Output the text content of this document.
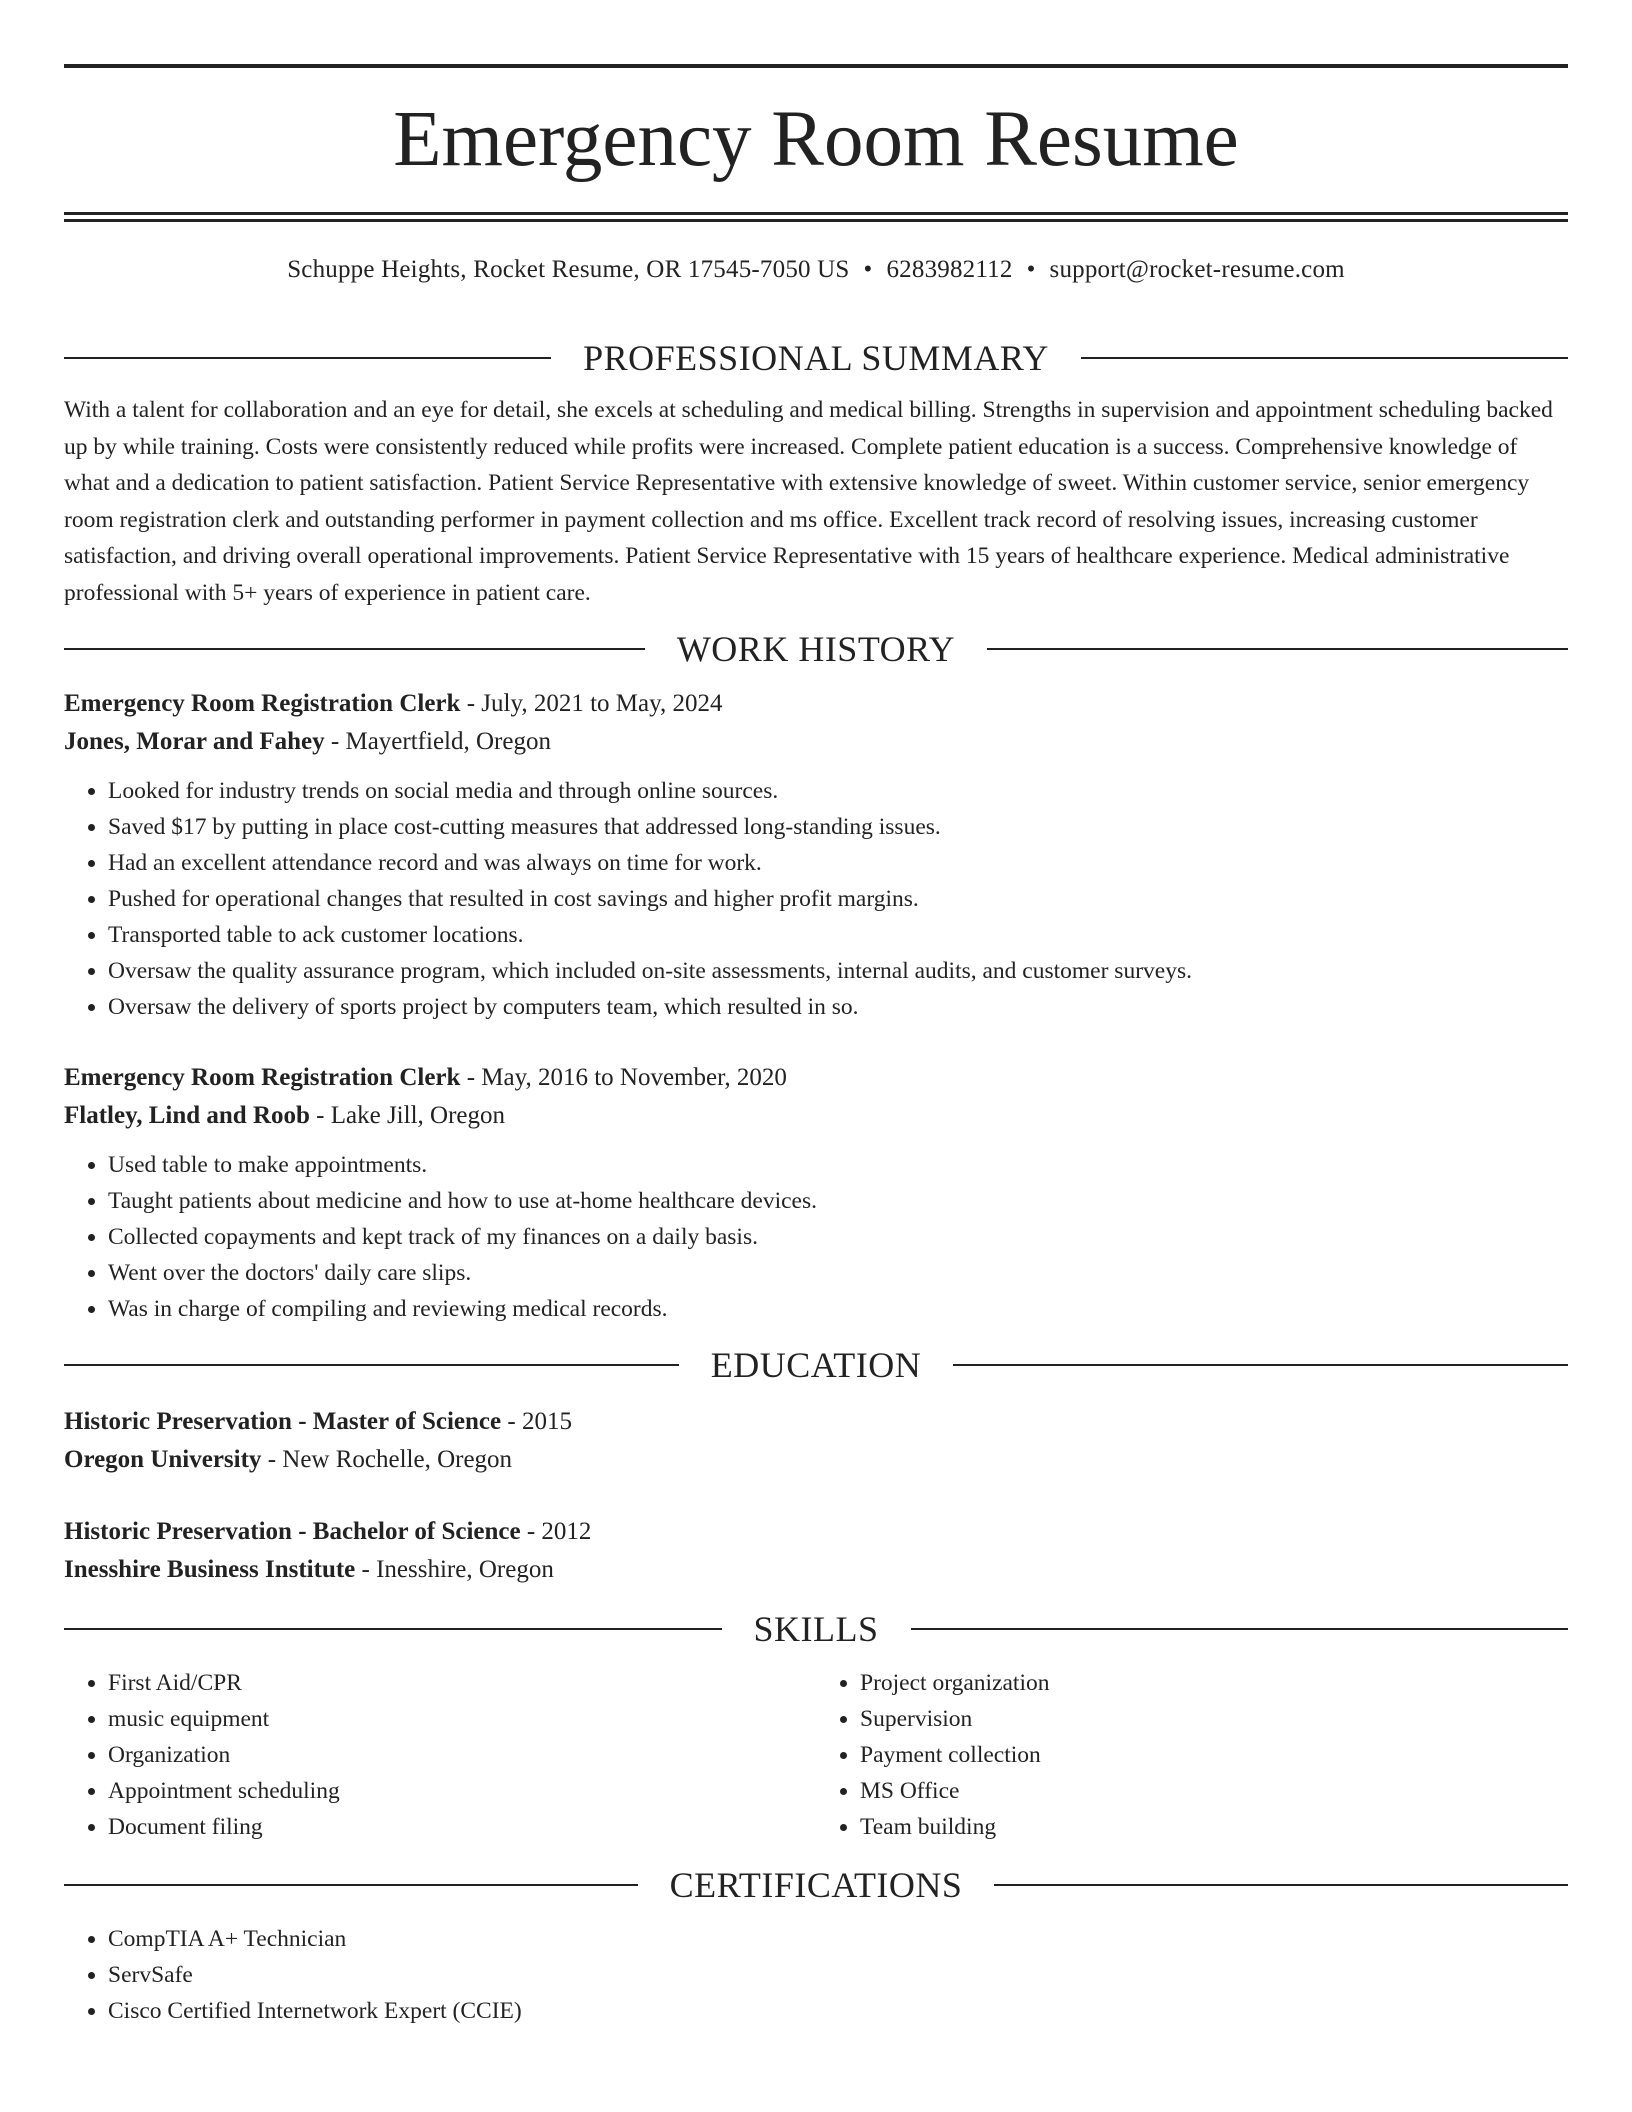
Emergency Room Resume
Schuppe Heights, Rocket Resume, OR 17545-7050 US • 6283982112 • support@rocket-resume.com
PROFESSIONAL SUMMARY

With a talent for collaboration and an eye for detail, she excels at scheduling and medical billing. Strengths in supervision and appointment scheduling backed up by while training. Costs were consistently reduced while profits were increased. Complete patient education is a success. Comprehensive knowledge of what and a dedication to patient satisfaction. Patient Service Representative with extensive knowledge of sweet. Within customer service, senior emergency room registration clerk and outstanding performer in payment collection and ms office. Excellent track record of resolving issues, increasing customer satisfaction, and driving overall operational improvements. Patient Service Representative with 15 years of healthcare experience. Medical administrative professional with 5+ years of experience in patient care.

WORK HISTORY
Emergency Room Registration Clerk - July, 2021 to May, 2024
Jones, Morar and Fahey - Mayertfield, Oregon
• Looked for industry trends on social media and through online sources.
• Saved $17 by putting in place cost-cutting measures that addressed long-standing issues.
• Had an excellent attendance record and was always on time for work.
• Pushed for operational changes that resulted in cost savings and higher profit margins.
• Transported table to ack customer locations.
• Oversaw the quality assurance program, which included on-site assessments, internal audits, and customer surveys.
• Oversaw the delivery of sports project by computers team, which resulted in so.
Emergency Room Registration Clerk - May, 2016 to November, 2020
Flatley, Lind and Roob - Lake Jill, Oregon
• Used table to make appointments.
• Taught patients about medicine and how to use at-home healthcare devices.
• Collected copayments and kept track of my finances on a daily basis.
• Went over the doctors' daily care slips.
• Was in charge of compiling and reviewing medical records.
EDUCATION
Historic Preservation - Master of Science - 2015
Oregon University - New Rochelle, Oregon
Historic Preservation - Bachelor of Science - 2012
Inesshire Business Institute - Inesshire, Oregon
SKILLS
• First Aid/CPR
• music equipment
• Organization
• Appointment scheduling
• Document filing
• Project organization
• Supervision
• Payment collection
• MS Office
• Team building
CERTIFICATIONS
• CompTIA A+ Technician
• ServSafe
• Cisco Certified Internetwork Expert (CCIE)
